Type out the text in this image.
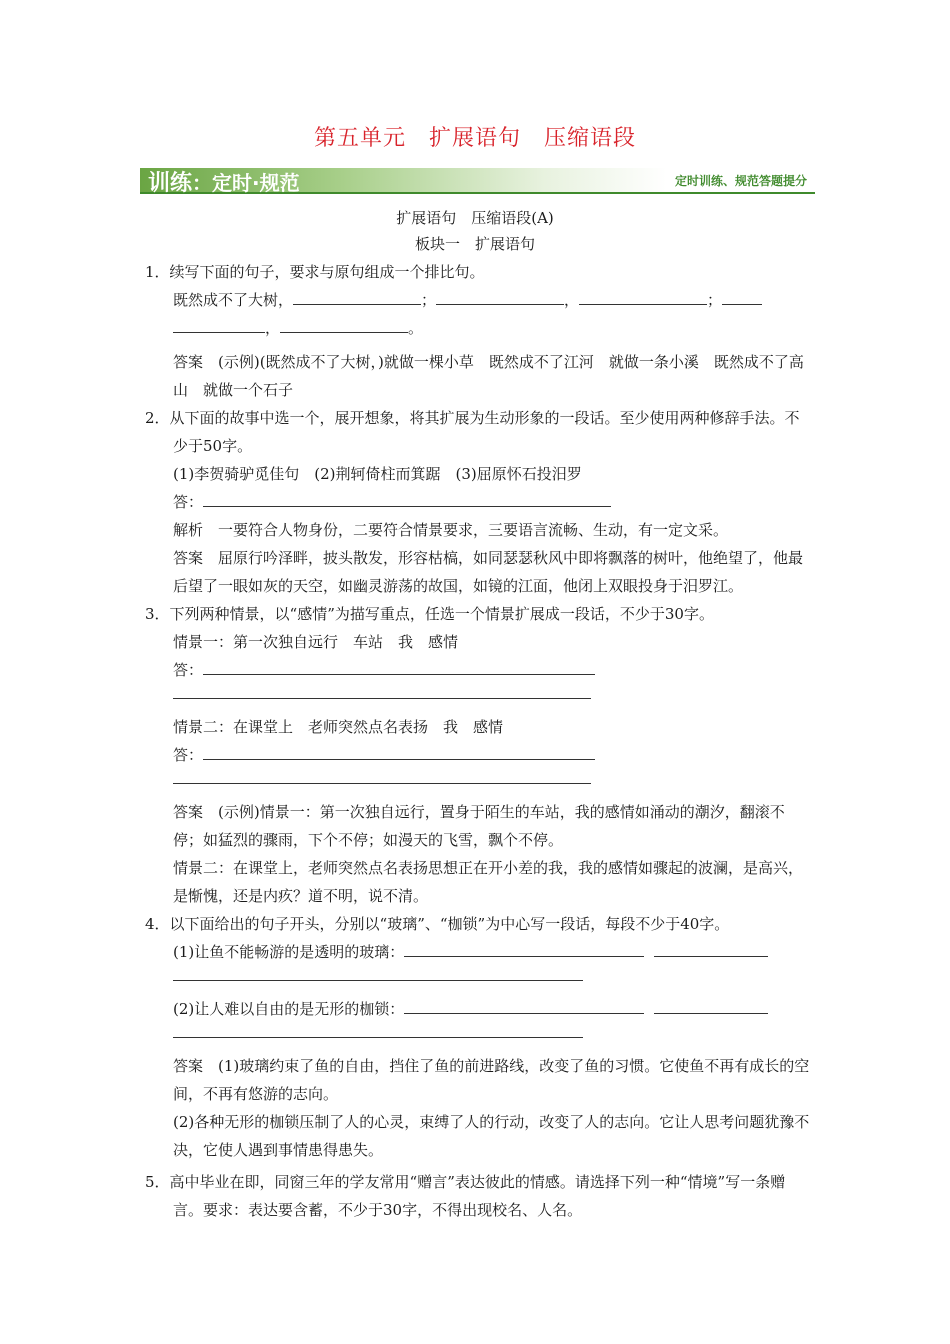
第五单元　扩展语句　压缩语段
训练：定时·规范	定时训练、规范答题提分
扩展语句　压缩语段(A)
板块一　扩展语句

1．续写下面的句子，要求与原句组成一个排比句。

既然成不了大树，	；	，	；

，	。

答案　(示例)(既然成不了大树，)就做一棵小草　既然成不了江河　就做一条小溪　既然成不了高山　就做一个石子

2．从下面的故事中选一个，展开想象，将其扩展为生动形象的一段话。至少使用两种修辞手法。不少于50字。

(1)李贺骑驴觅佳句　(2)荆轲倚柱而箕踞　(3)屈原怀石投汨罗

答：

解析　一要符合人物身份，二要符合情景要求，三要语言流畅、生动，有一定文采。

答案　屈原行吟泽畔，披头散发，形容枯槁，如同瑟瑟秋风中即将飘落的树叶，他绝望了，他最后望了一眼如灰的天空，如幽灵游荡的故国，如镜的江面，他闭上双眼投身于汨罗江。

3．下列两种情景，以“感情”为描写重点，任选一个情景扩展成一段话，不少于30字。

情景一：第一次独自远行　车站　我　感情

答：

情景二：在课堂上　老师突然点名表扬　我　感情

答：

答案　(示例)情景一：第一次独自远行，置身于陌生的车站，我的感情如涌动的潮汐，翻滚不停；如猛烈的骤雨，下个不停；如漫天的飞雪，飘个不停。

情景二：在课堂上，老师突然点名表扬思想正在开小差的我，我的感情如骤起的波澜，是高兴，是惭愧，还是内疚？道不明，说不清。

4．以下面给出的句子开头，分别以“玻璃”、“枷锁”为中心写一段话，每段不少于40字。

(1)让鱼不能畅游的是透明的玻璃：

(2)让人难以自由的是无形的枷锁：

答案　(1)玻璃约束了鱼的自由，挡住了鱼的前进路线，改变了鱼的习惯。它使鱼不再有成长的空间，不再有悠游的志向。

(2)各种无形的枷锁压制了人的心灵，束缚了人的行动，改变了人的志向。它让人思考问题犹豫不决，它使人遇到事情患得患失。

5．高中毕业在即，同窗三年的学友常用“赠言”表达彼此的情感。请选择下列一种“情境”写一条赠言。要求：表达要含蓄，不少于30字，不得出现校名、人名。
